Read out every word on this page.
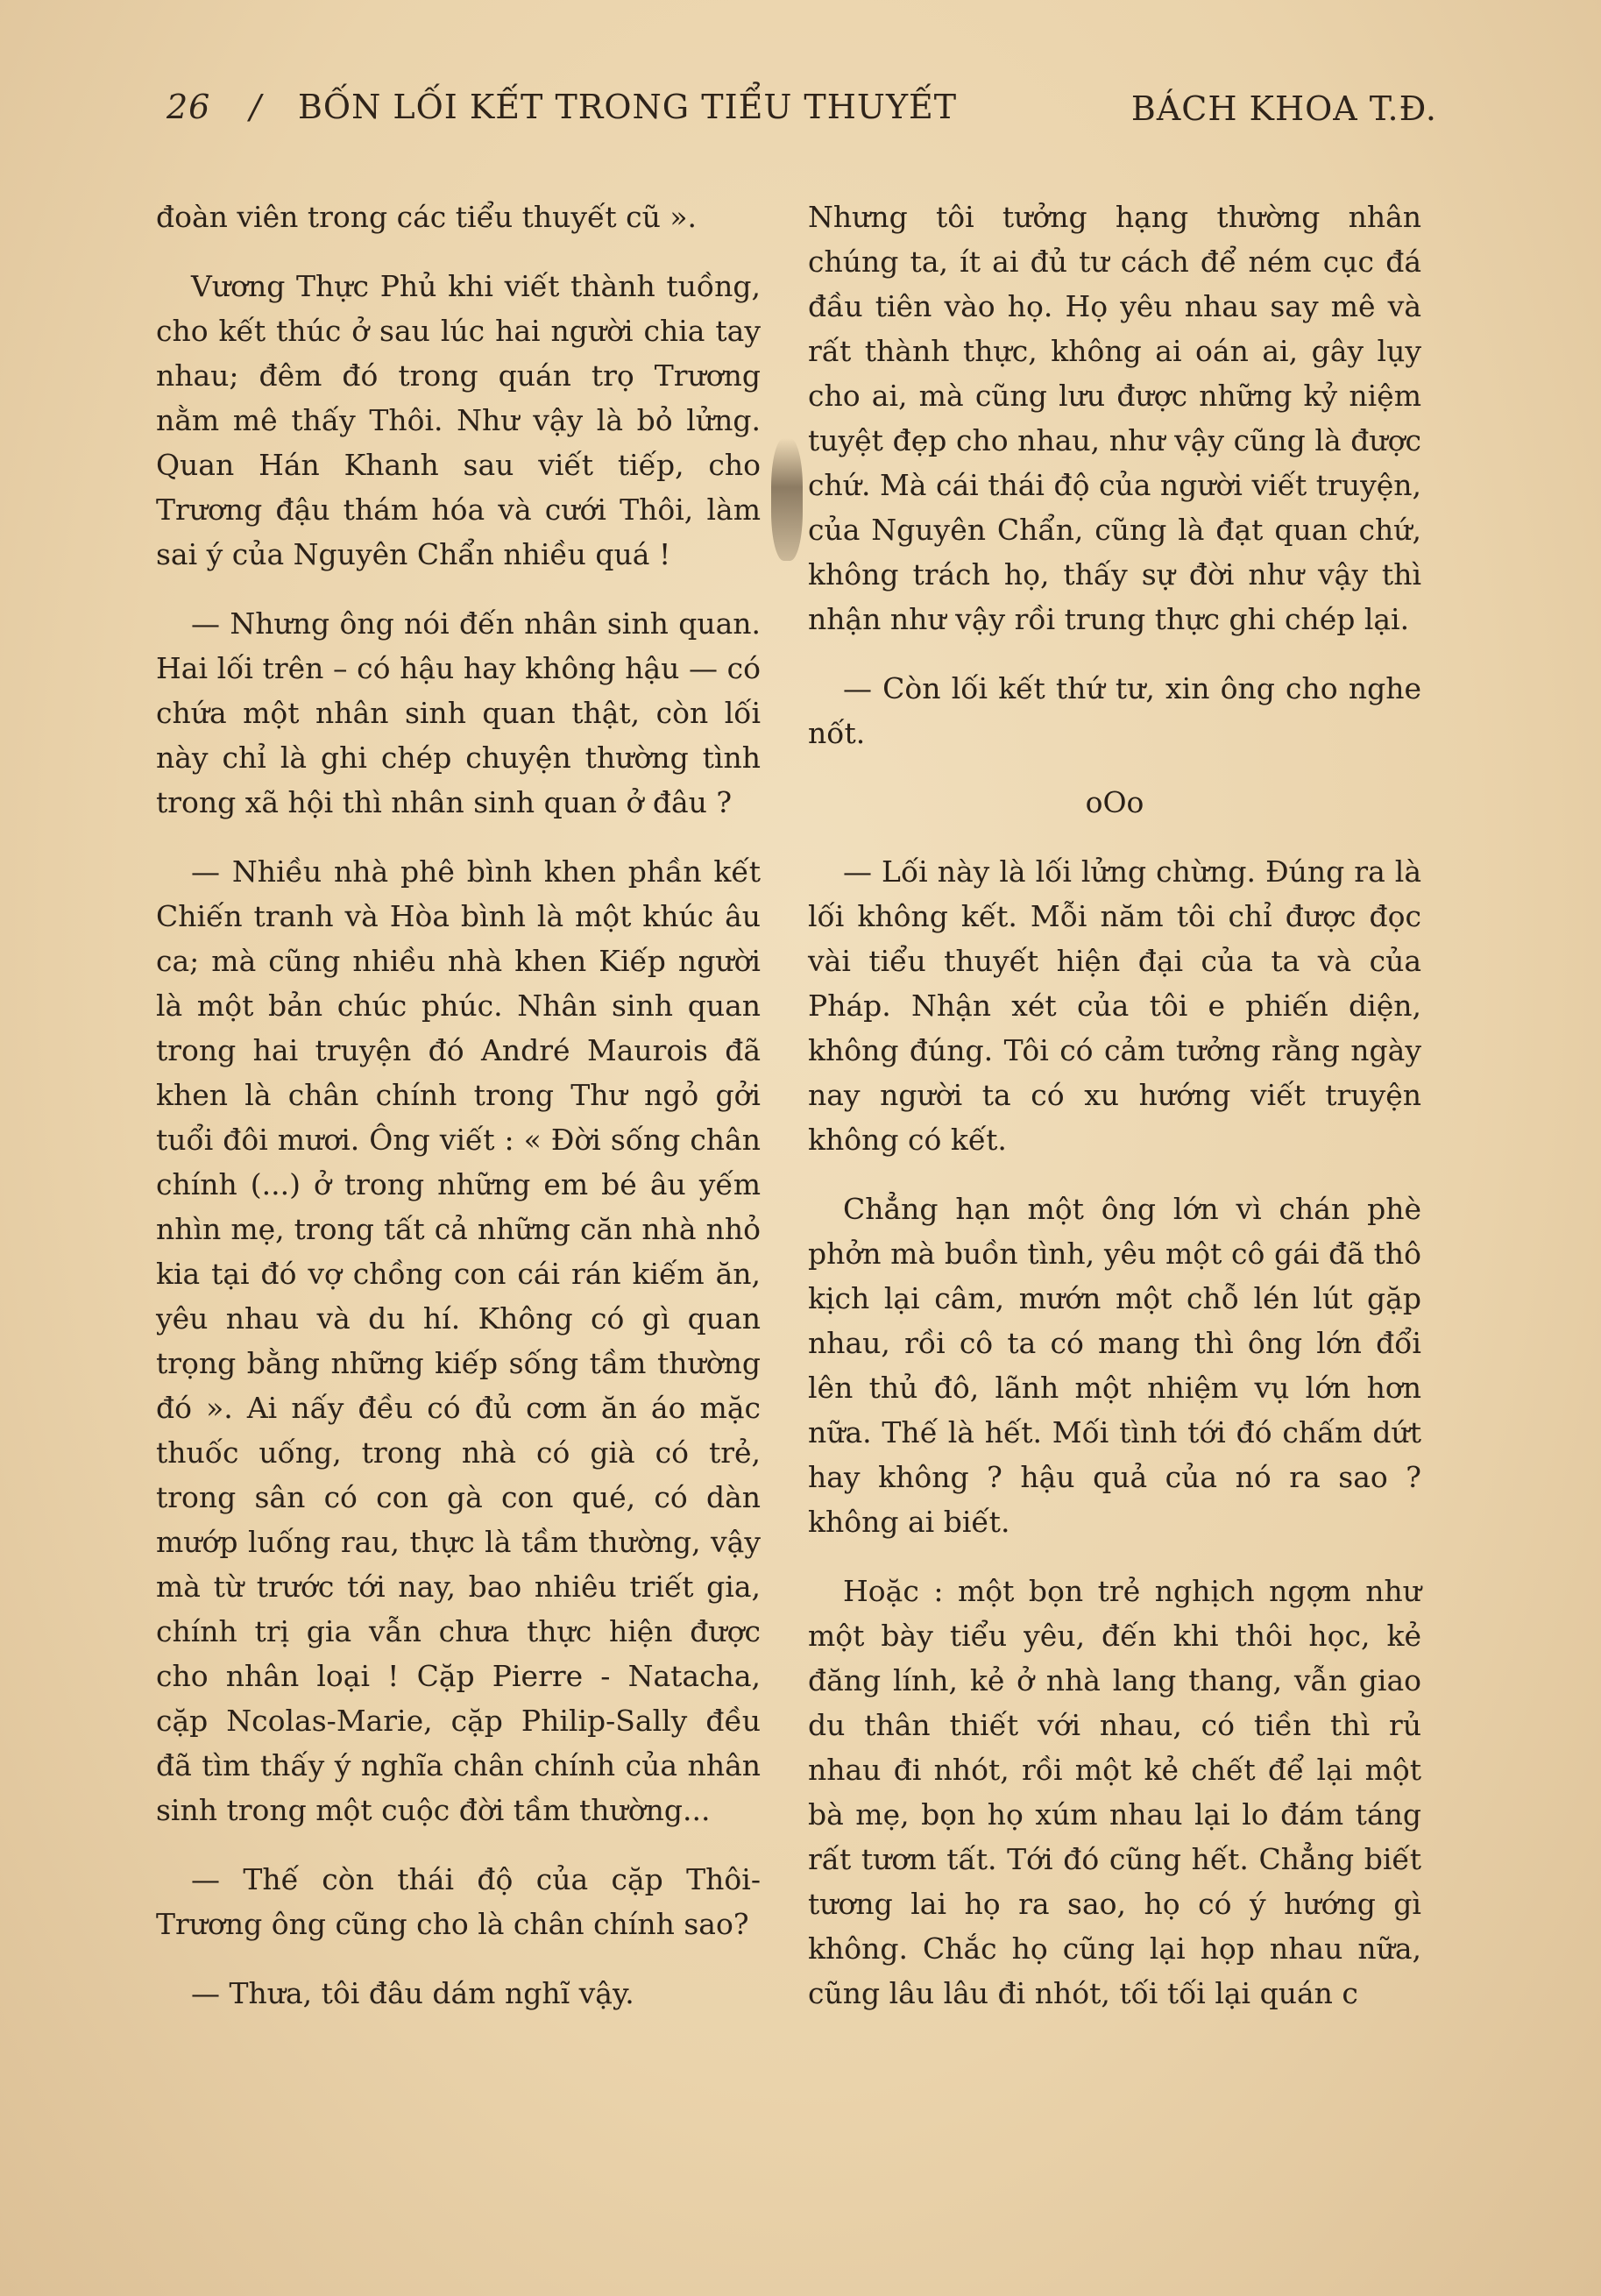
26 / BỐN LỐI KẾT TRONG TIỂU THUYẾT	BÁCH KHOA T.Đ.

đoàn viên trong các tiểu thuyết cũ ».

Vương Thực Phủ khi viết thành tuồng, cho kết thúc ở sau lúc hai người chia tay nhau; đêm đó trong quán trọ Trương nằm mê thấy Thôi. Như vậy là bỏ lửng. Quan Hán Khanh sau viết tiếp, cho Trương đậu thám hóa và cưới Thôi, làm sai ý của Nguyên Chẩn nhiều quá !

— Nhưng ông nói đến nhân sinh quan. Hai lối trên – có hậu hay không hậu — có chứa một nhân sinh quan thật, còn lối này chỉ là ghi chép chuyện thường tình trong xã hội thì nhân sinh quan ở đâu ?

— Nhiều nhà phê bình khen phần kết Chiến tranh và Hòa bình là một khúc âu ca; mà cũng nhiều nhà khen Kiếp người là một bản chúc phúc. Nhân sinh quan trong hai truyện đó André Maurois đã khen là chân chính trong Thư ngỏ gởi tuổi đôi mươi. Ông viết : « Đời sống chân chính (...) ở trong những em bé âu yếm nhìn mẹ, trong tất cả những căn nhà nhỏ kia tại đó vợ chồng con cái rán kiếm ăn, yêu nhau và du hí. Không có gì quan trọng bằng những kiếp sống tầm thường đó ». Ai nấy đều có đủ cơm ăn áo mặc thuốc uống, trong nhà có già có trẻ, trong sân có con gà con qué, có dàn mướp luống rau, thực là tầm thường, vậy mà từ trước tới nay, bao nhiêu triết gia, chính trị gia vẫn chưa thực hiện được cho nhân loại ! Cặp Pierre - Natacha, cặp Ncolas-Marie, cặp Philip-Sally đều đã tìm thấy ý nghĩa chân chính của nhân sinh trong một cuộc đời tầm thường...

— Thế còn thái độ của cặp Thôi-Trương ông cũng cho là chân chính sao?

— Thưa, tôi đâu dám nghĩ vậy.

Nhưng tôi tưởng hạng thường nhân chúng ta, ít ai đủ tư cách để ném cục đá đầu tiên vào họ. Họ yêu nhau say mê và rất thành thực, không ai oán ai, gây lụy cho ai, mà cũng lưu được những kỷ niệm tuyệt đẹp cho nhau, như vậy cũng là được chứ. Mà cái thái độ của người viết truyện, của Nguyên Chẩn, cũng là đạt quan chứ, không trách họ, thấy sự đời như vậy thì nhận như vậy rồi trung thực ghi chép lại.

— Còn lối kết thứ tư, xin ông cho nghe nốt.

oOo

— Lối này là lối lửng chừng. Đúng ra là lối không kết. Mỗi năm tôi chỉ được đọc vài tiểu thuyết hiện đại của ta và của Pháp. Nhận xét của tôi e phiến diện, không đúng. Tôi có cảm tưởng rằng ngày nay người ta có xu hướng viết truyện không có kết.

Chẳng hạn một ông lớn vì chán phè phởn mà buồn tình, yêu một cô gái đã thô kịch lại câm, mướn một chỗ lén lút gặp nhau, rồi cô ta có mang thì ông lớn đổi lên thủ đô, lãnh một nhiệm vụ lớn hơn nữa. Thế là hết. Mối tình tới đó chấm dứt hay không ? hậu quả của nó ra sao ? không ai biết.

Hoặc : một bọn trẻ nghịch ngợm như một bày tiểu yêu, đến khi thôi học, kẻ đăng lính, kẻ ở nhà lang thang, vẫn giao du thân thiết với nhau, có tiền thì rủ nhau đi nhót, rồi một kẻ chết để lại một bà mẹ, bọn họ xúm nhau lại lo đám táng rất tươm tất. Tới đó cũng hết. Chẳng biết tương lai họ ra sao, họ có ý hướng gì không. Chắc họ cũng lại họp nhau nữa, cũng lâu lâu đi nhót, tối tối lại quán c
